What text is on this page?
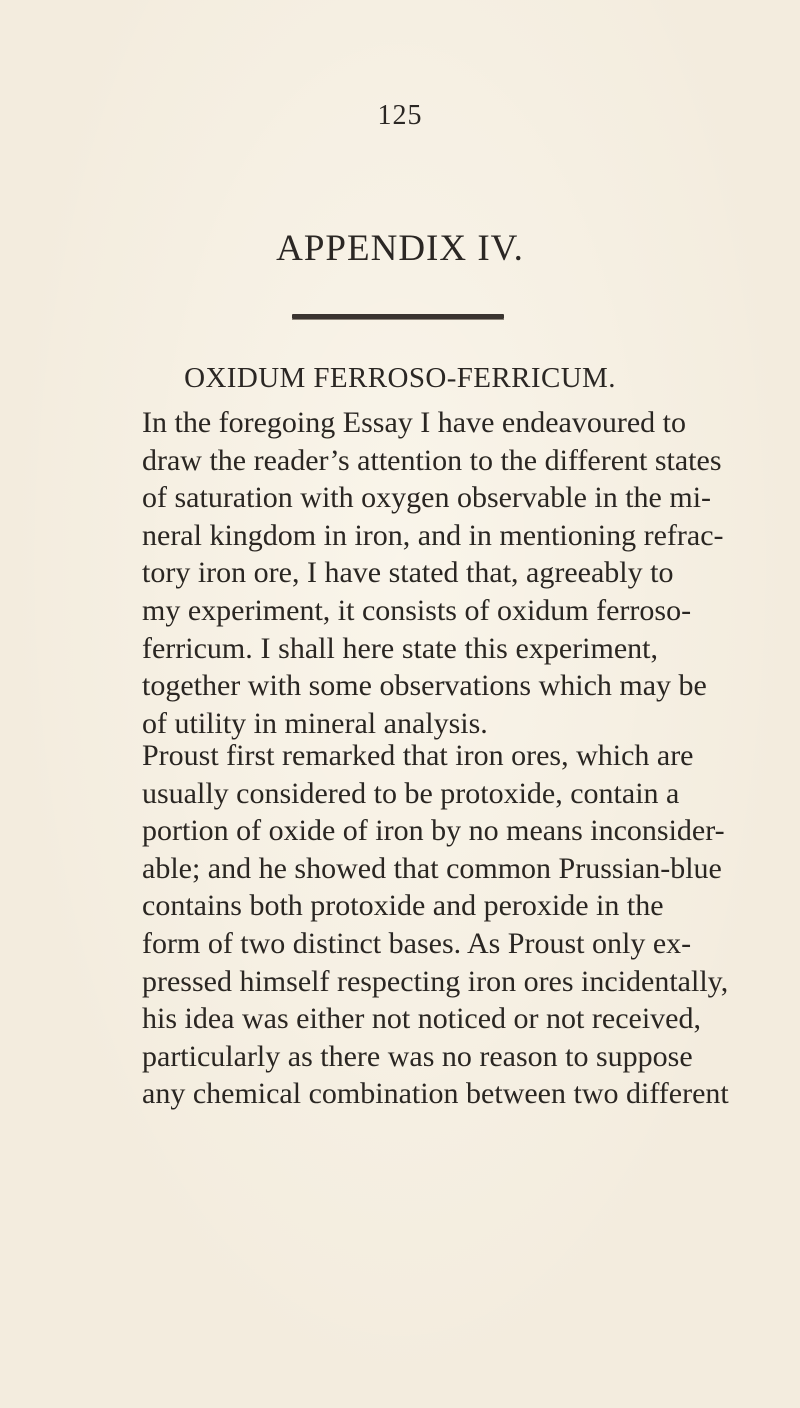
125
APPENDIX IV.
OXIDUM FERROSO-FERRICUM.
In the foregoing Essay I have endeavoured to
draw the reader’s attention to the different states
of saturation with oxygen observable in the mi-
neral kingdom in iron, and in mentioning refrac-
tory iron ore, I have stated that, agreeably to
my experiment, it consists of oxidum ferroso-
ferricum. I shall here state this experiment,
together with some observations which may be
of utility in mineral analysis.
Proust first remarked that iron ores, which are
usually considered to be protoxide, contain a
portion of oxide of iron by no means inconsider-
able; and he showed that common Prussian-blue
contains both protoxide and peroxide in the
form of two distinct bases. As Proust only ex-
pressed himself respecting iron ores incidentally,
his idea was either not noticed or not received,
particularly as there was no reason to suppose
any chemical combination between two different
